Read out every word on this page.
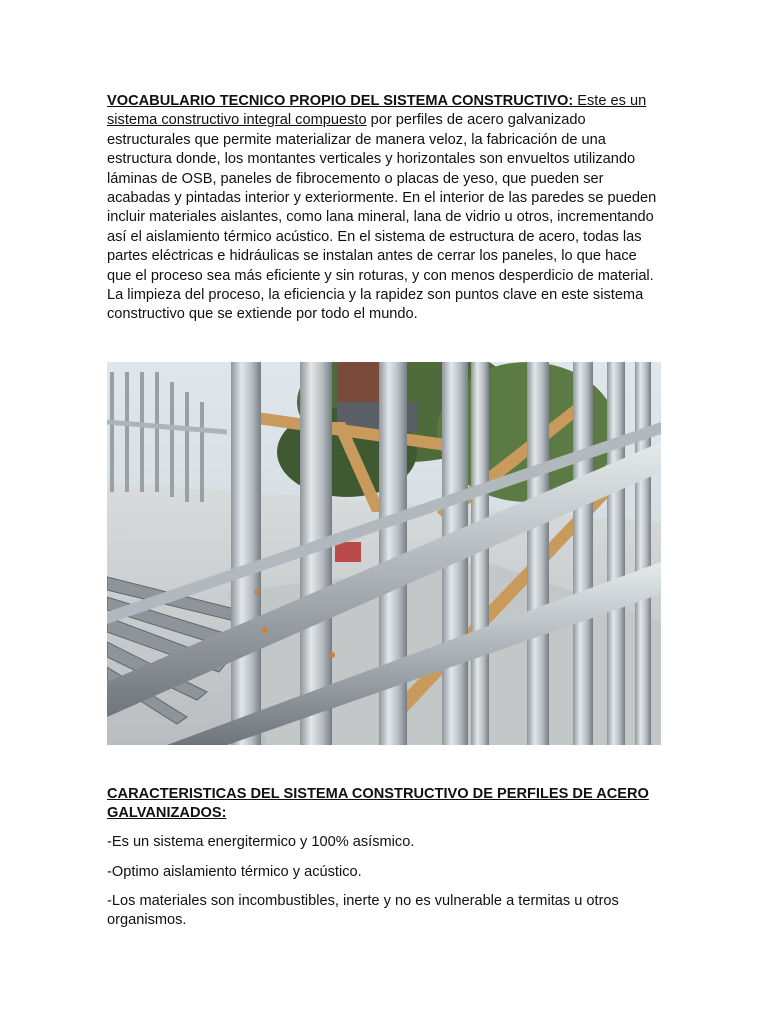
VOCABULARIO TECNICO PROPIO DEL SISTEMA CONSTRUCTIVO: Este es un sistema constructivo integral compuesto por perfiles de acero galvanizado estructurales que permite materializar de manera veloz, la fabricación de una estructura donde, los montantes verticales y horizontales son envueltos utilizando láminas de OSB, paneles de fibrocemento o placas de yeso, que pueden ser acabadas y pintadas interior y exteriormente. En el interior de las paredes se pueden incluir materiales aislantes, como lana mineral, lana de vidrio u otros, incrementando así el aislamiento térmico acústico. En el sistema de estructura de acero, todas las partes eléctricas e hidráulicas se instalan antes de cerrar los paneles, lo que hace que el proceso sea más eficiente y sin roturas, y con menos desperdicio de material. La limpieza del proceso, la eficiencia y la rapidez son puntos clave en este sistema constructivo que se extiende por todo el mundo.

CARACTERISTICAS DEL SISTEMA CONSTRUCTIVO DE PERFILES DE ACERO GALVANIZADOS:

-Es un sistema energitermico y 100% asísmico.

-Optimo aislamiento térmico y acústico.

-Los materiales son incombustibles, inerte y no es vulnerable a termitas u otros organismos.
